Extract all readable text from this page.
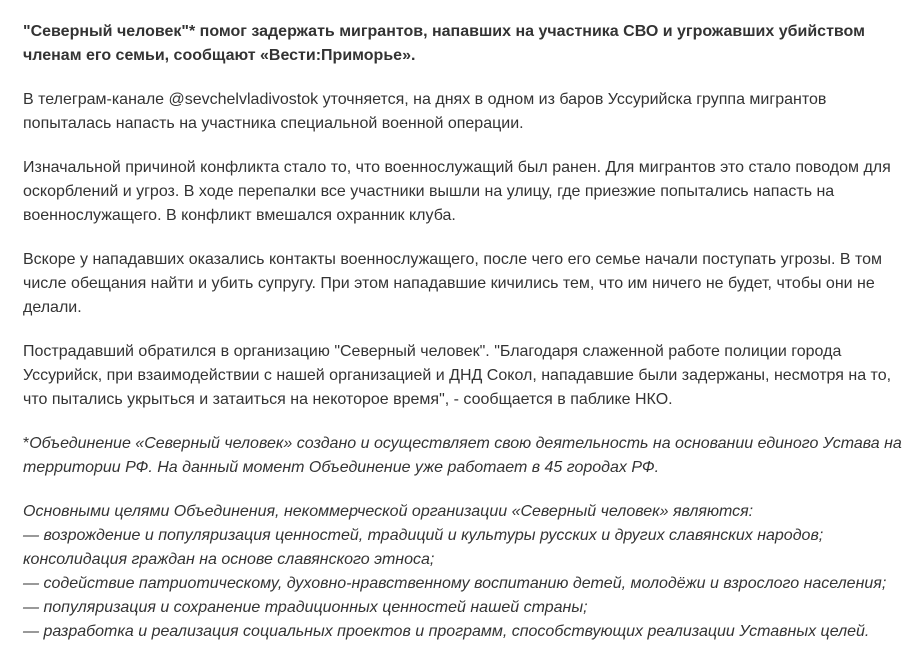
"Северный человек"* помог задержать мигрантов, напавших на участника СВО и угрожавших убийством членам его семьи, сообщают «Вести:Приморье».

В телеграм-канале @sevchelvladivostok уточняется, на днях в одном из баров Уссурийска группа мигрантов попыталась напасть на участника специальной военной операции.

Изначальной причиной конфликта стало то, что военнослужащий был ранен. Для мигрантов это стало поводом для оскорблений и угроз. В ходе перепалки все участники вышли на улицу, где приезжие попытались напасть на военнослужащего. В конфликт вмешался охранник клуба.

Вскоре у нападавших оказались контакты военнослужащего, после чего его семье начали поступать угрозы. В том числе обещания найти и убить супругу. При этом нападавшие кичились тем, что им ничего не будет, чтобы они не делали.

Пострадавший обратился в организацию "Северный человек". "Благодаря слаженной работе полиции города Уссурийск, при взаимодействии с нашей организацией и ДНД Сокол, нападавшие были задержаны, несмотря на то, что пытались укрыться и затаиться на некоторое время", - сообщается в паблике НКО.

*Объединение «Северный человек» создано и осуществляет свою деятельность на основании единого Устава на территории РФ. На данный момент Объединение уже работает в 45 городах РФ.

Основными целями Объединения, некоммерческой организации «Северный человек» являются:
— возрождение и популяризация ценностей, традиций и культуры русских и других славянских народов;
консолидация граждан на основе славянского этноса;
— содействие патриотическому, духовно-нравственному воспитанию детей, молодёжи и взрослого населения;
— популяризация и сохранение традиционных ценностей нашей страны;
— разработка и реализация социальных проектов и программ, способствующих реализации Уставных целей.
